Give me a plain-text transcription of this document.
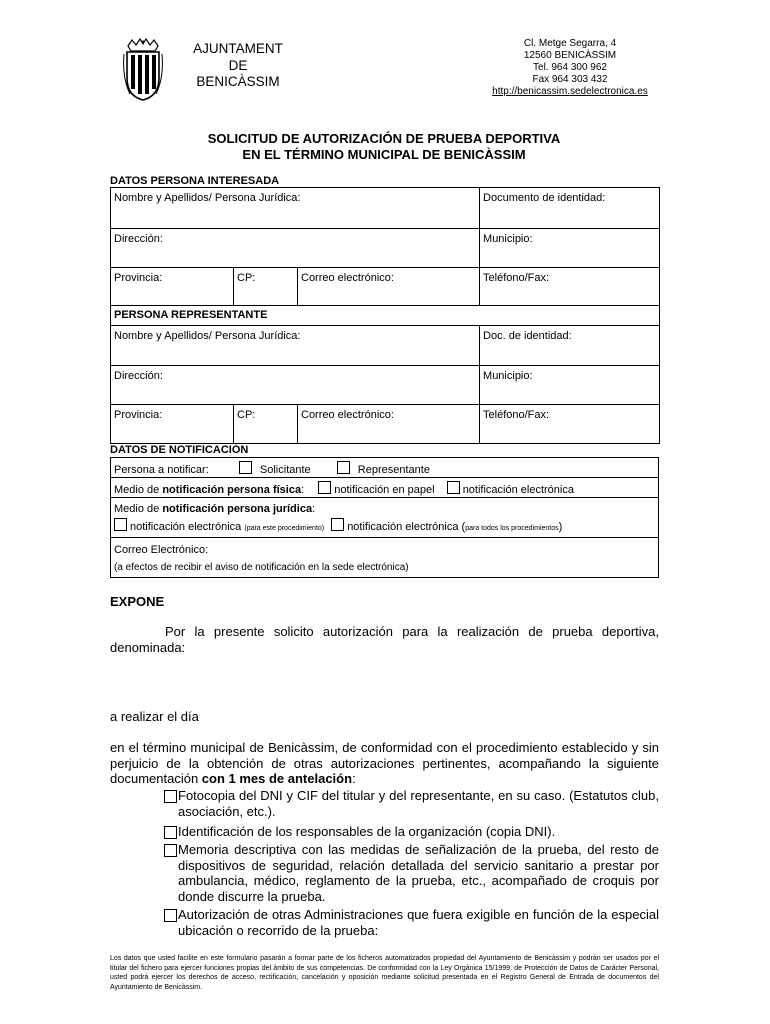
AJUNTAMENT
DE
BENICÀSSIM
Cl. Metge Segarra, 4
12560 BENICÀSSIM
Tel. 964 300 962
Fax 964 303 432
http://benicassim.sedelectronica.es
SOLICITUD DE AUTORIZACIÓN DE PRUEBA DEPORTIVA
EN EL TÉRMINO MUNICIPAL DE BENICÀSSIM
DATOS PERSONA INTERESADA
Nombre y Apellidos/ Persona Jurídica:			Documento de identidad:
Dirección:			Municipio:
Provincia:	CP:	Correo electrónico:	Teléfono/Fax:
PERSONA REPRESENTANTE			
Nombre y Apellidos/ Persona Jurídica:			Doc. de identidad:
Dirección:			Municipio:
Provincia:	CP:	Correo electrónico:	Teléfono/Fax:
DATOS DE NOTIFICACIÓN
Persona a notificar:	Solicitante	Representante
Medio de notificación persona física:	notificación en papel	notificación electrónica

Medio de notificación persona jurídica:
notificación electrónica (para este procedimiento) notificación electrónica (para todos los procedimientos)

Correo Electrónico:
(a efectos de recibir el aviso de notificación en la sede electrónica)
EXPONE
Por la presente solicito autorización para la realización de prueba deportiva, denominada:
a realizar el día
en el término municipal de Benicàssim, de conformidad con el procedimiento establecido y sin perjuicio de la obtención de otras autorizaciones pertinentes, acompañando la siguiente documentación con 1 mes de antelación:
Fotocopia del DNI y CIF del titular y del representante, en su caso. (Estatutos club, asociación, etc.).
Identificación de los responsables de la organización (copia DNI).
Memoria descriptiva con las medidas de señalización de la prueba, del resto de dispositivos de seguridad, relación detallada del servicio sanitario a prestar por ambulancia, médico, reglamento de la prueba, etc., acompañado de croquis por donde discurre la prueba.
Autorización de otras Administraciones que fuera exigible en función de la especial ubicación o recorrido de la prueba:
Los datos que usted facilite en este formulario pasarán a formar parte de los ficheros automatizados propiedad del Ayuntamiento de Benicàssim y podrán ser usados por el titular del fichero para ejercer funciones propias del ámbito de sus competencias. De conformidad con la Ley Orgánica 15/1999, de Protección de Datos de Carácter Personal, usted podrá ejercer los derechos de acceso, rectificación, cancelación y oposición mediante solicitud presentada en el Registro General de Entrada de documentos del Ayuntamiento de Benicàssim.
